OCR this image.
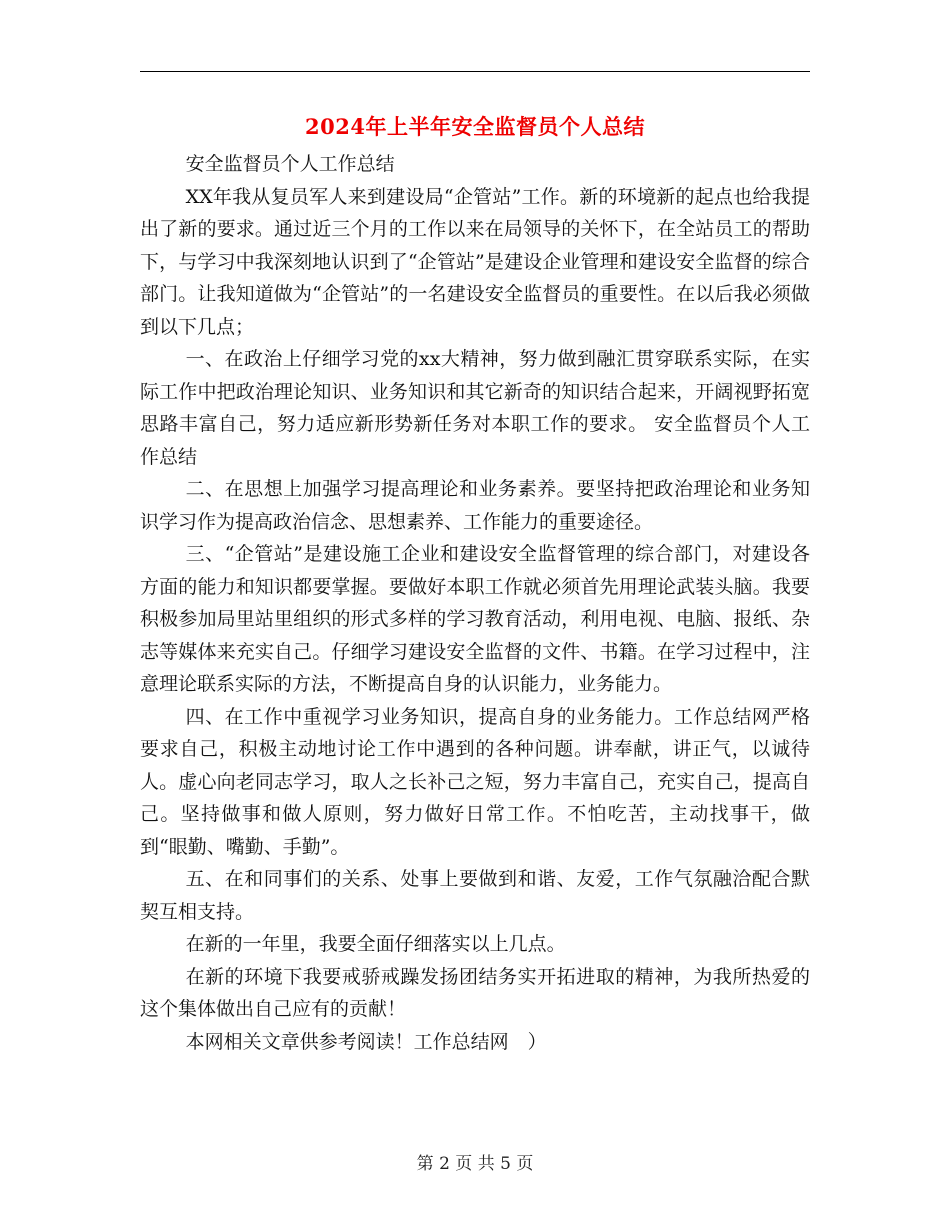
2024年上半年安全监督员个人总结

安全监督员个人工作总结

XX年我从复员军人来到建设局“企管站”工作。新的环境新的起点也给我提出了新的要求。通过近三个月的工作以来在局领导的关怀下，在全站员工的帮助下，与学习中我深刻地认识到了“企管站”是建设企业管理和建设安全监督的综合部门。让我知道做为“企管站”的一名建设安全监督员的重要性。在以后我必须做到以下几点；

一、在政治上仔细学习党的xx大精神，努力做到融汇贯穿联系实际，在实际工作中把政治理论知识、业务知识和其它新奇的知识结合起来，开阔视野拓宽思路丰富自己，努力适应新形势新任务对本职工作的要求。 安全监督员个人工作总结

二、在思想上加强学习提高理论和业务素养。要坚持把政治理论和业务知识学习作为提高政治信念、思想素养、工作能力的重要途径。

三、“企管站”是建设施工企业和建设安全监督管理的综合部门，对建设各方面的能力和知识都要掌握。要做好本职工作就必须首先用理论武装头脑。我要积极参加局里站里组织的形式多样的学习教育活动，利用电视、电脑、报纸、杂志等媒体来充实自己。仔细学习建设安全监督的文件、书籍。在学习过程中，注意理论联系实际的方法，不断提高自身的认识能力，业务能力。

四、在工作中重视学习业务知识，提高自身的业务能力。工作总结网严格要求自己，积极主动地讨论工作中遇到的各种问题。讲奉献，讲正气，以诚待人。虚心向老同志学习，取人之长补己之短，努力丰富自己，充实自己，提高自己。坚持做事和做人原则，努力做好日常工作。不怕吃苦，主动找事干，做到“眼勤、嘴勤、手勤”。

五、在和同事们的关系、处事上要做到和谐、友爱，工作气氛融洽配合默契互相支持。

在新的一年里，我要全面仔细落实以上几点。

在新的环境下我要戒骄戒躁发扬团结务实开拓进取的精神，为我所热爱的这个集体做出自己应有的贡献！

本网相关文章供参考阅读！工作总结网　）

第 2 页 共 5 页
